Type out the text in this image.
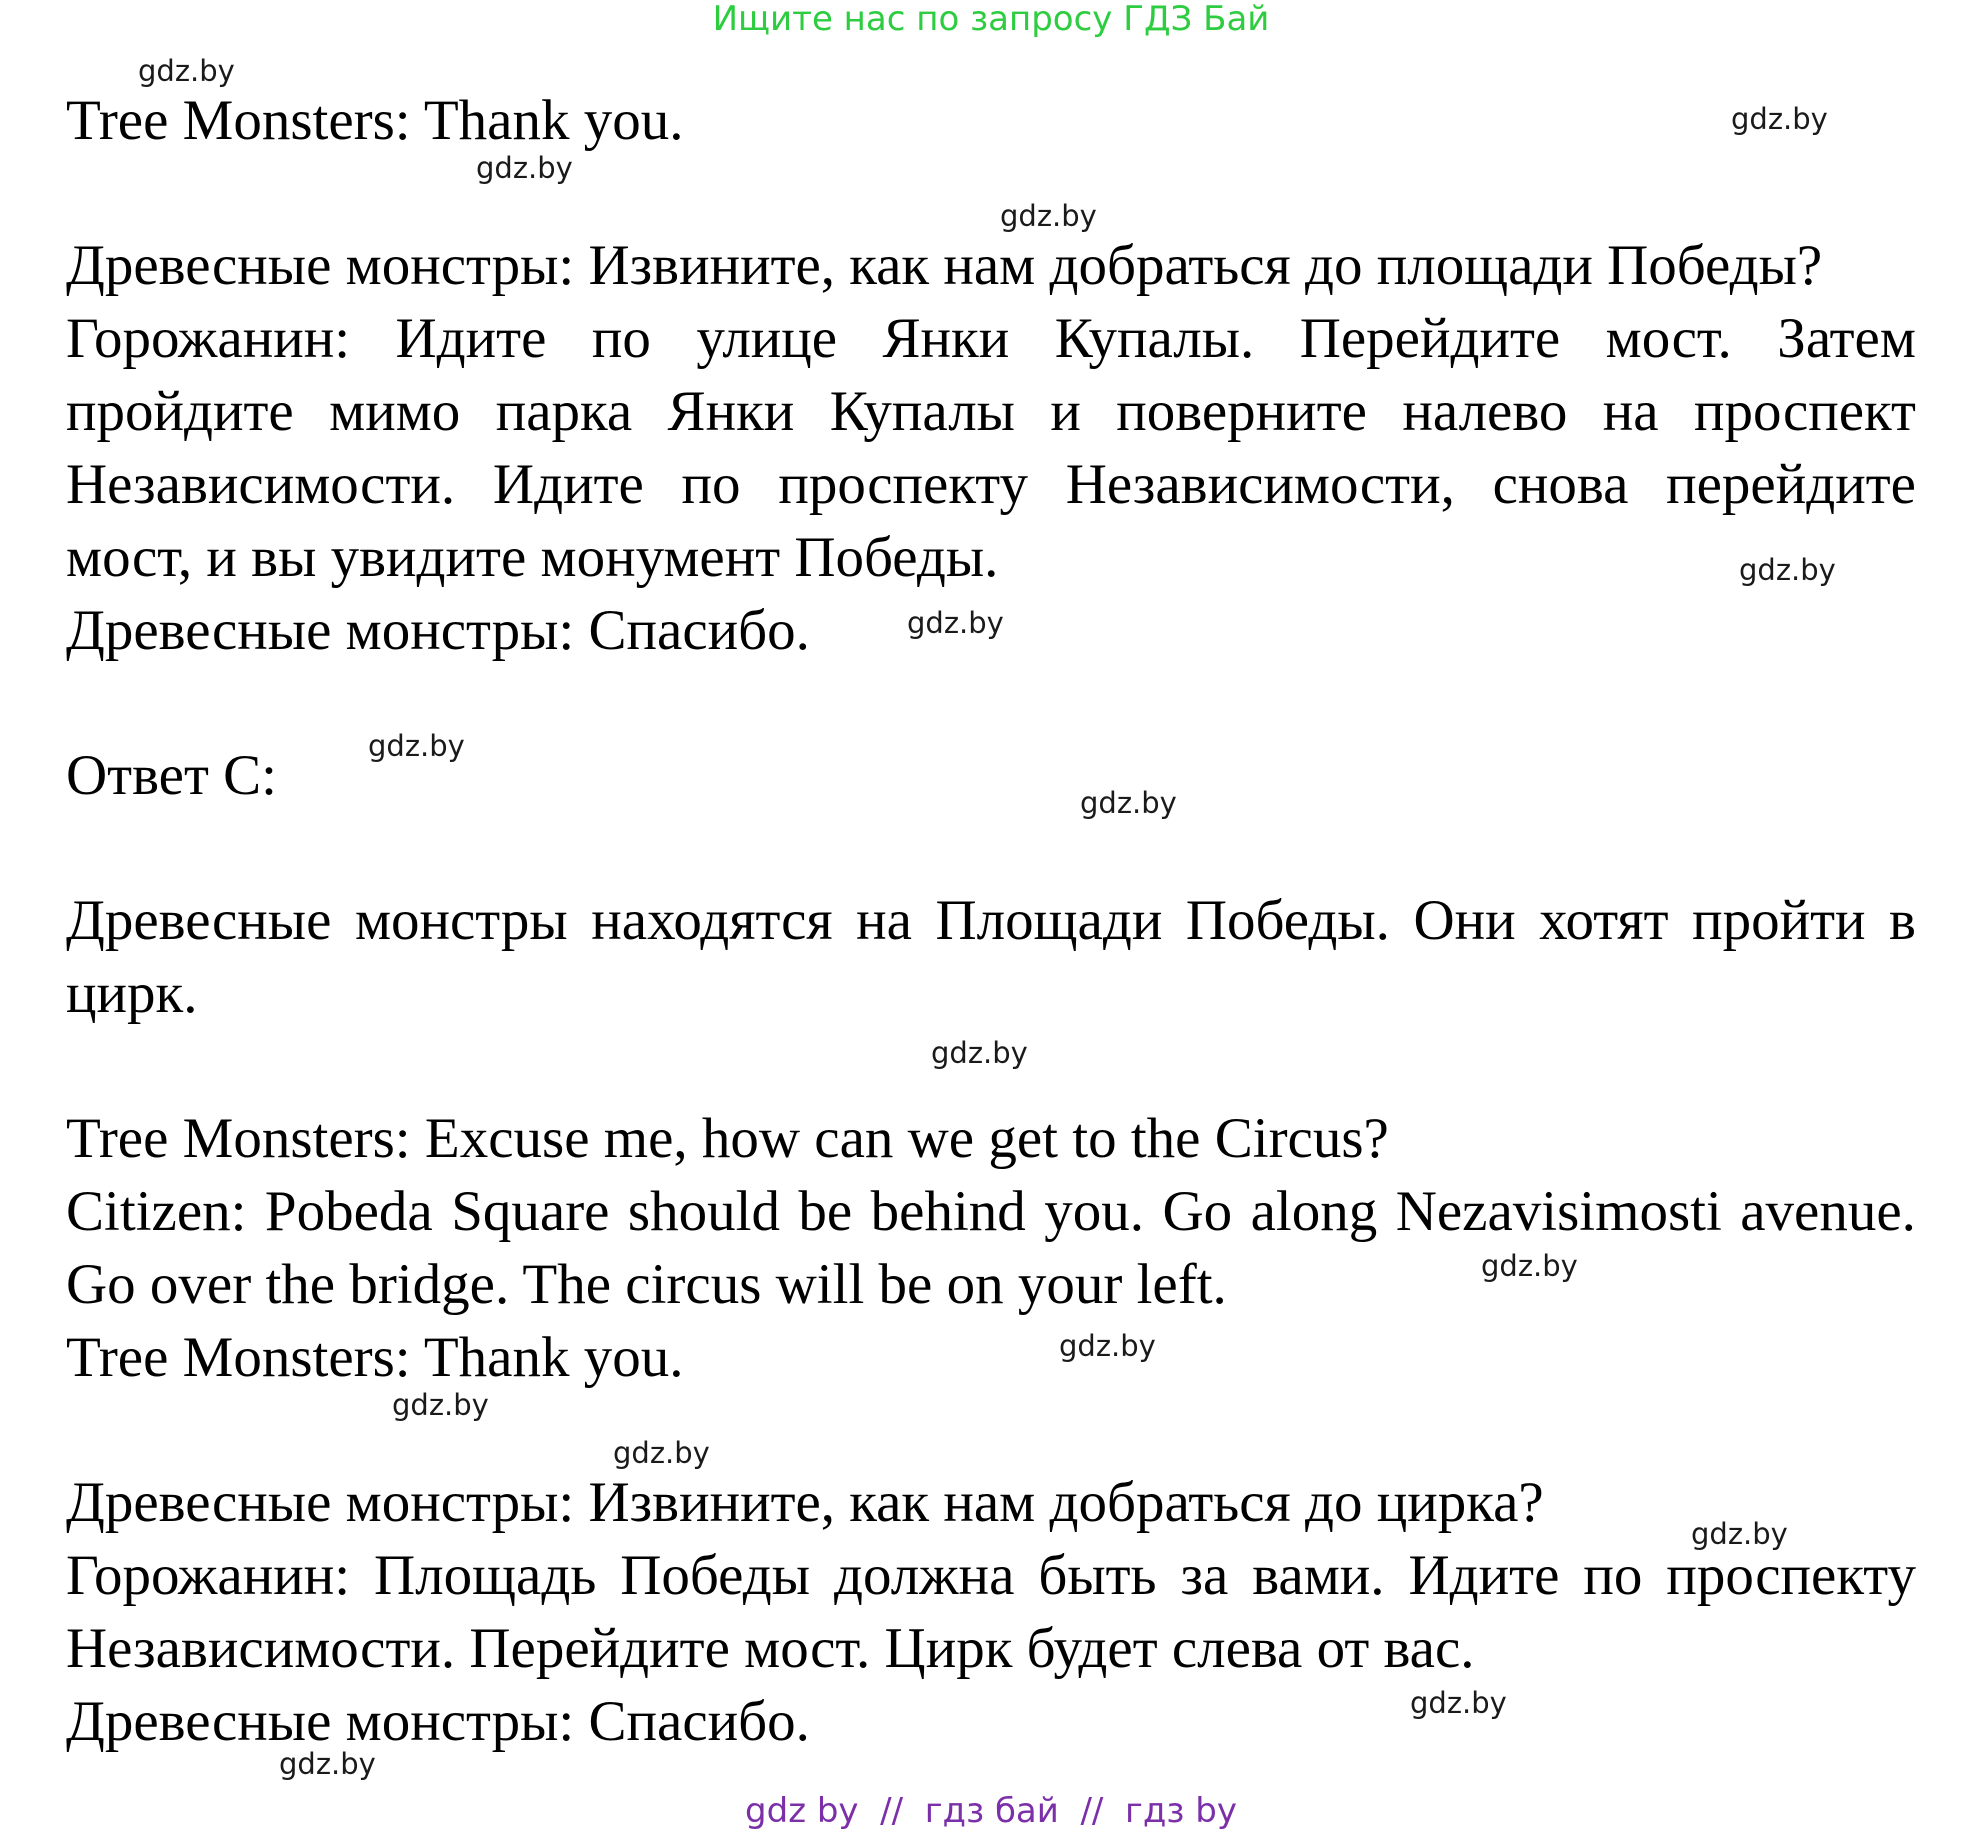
Ищите нас по запросу ГДЗ Бай
Tree Monsters: Thank you.
Древесные монстры: Извините, как нам добраться до площади Победы?
Горожанин: Идите по улице Янки Купалы. Перейдите мост. Затем
пройдите мимо парка Янки Купалы и поверните налево на проспект
Независимости. Идите по проспекту Независимости, снова перейдите
мост, и вы увидите монумент Победы.
Древесные монстры: Спасибо.
Ответ С:
Древесные монстры находятся на Площади Победы. Они хотят пройти в
цирк.
Tree Monsters: Excuse me, how can we get to the Circus?
Citizen: Pobeda Square should be behind you. Go along Nezavisimosti avenue.
Go over the bridge. The circus will be on your left.
Tree Monsters: Thank you.
Древесные монстры: Извините, как нам добраться до цирка?
Горожанин: Площадь Победы должна быть за вами. Идите по проспекту
Независимости. Перейдите мост. Цирк будет слева от вас.
Древесные монстры: Спасибо.
gdz.by
gdz.by
gdz.by
gdz.by
gdz.by
gdz.by
gdz.by
gdz.by
gdz.by
gdz.by
gdz.by
gdz.by
gdz.by
gdz.by
gdz.by
gdz.by
gdz by  //  гдз бай  //  гдз by
